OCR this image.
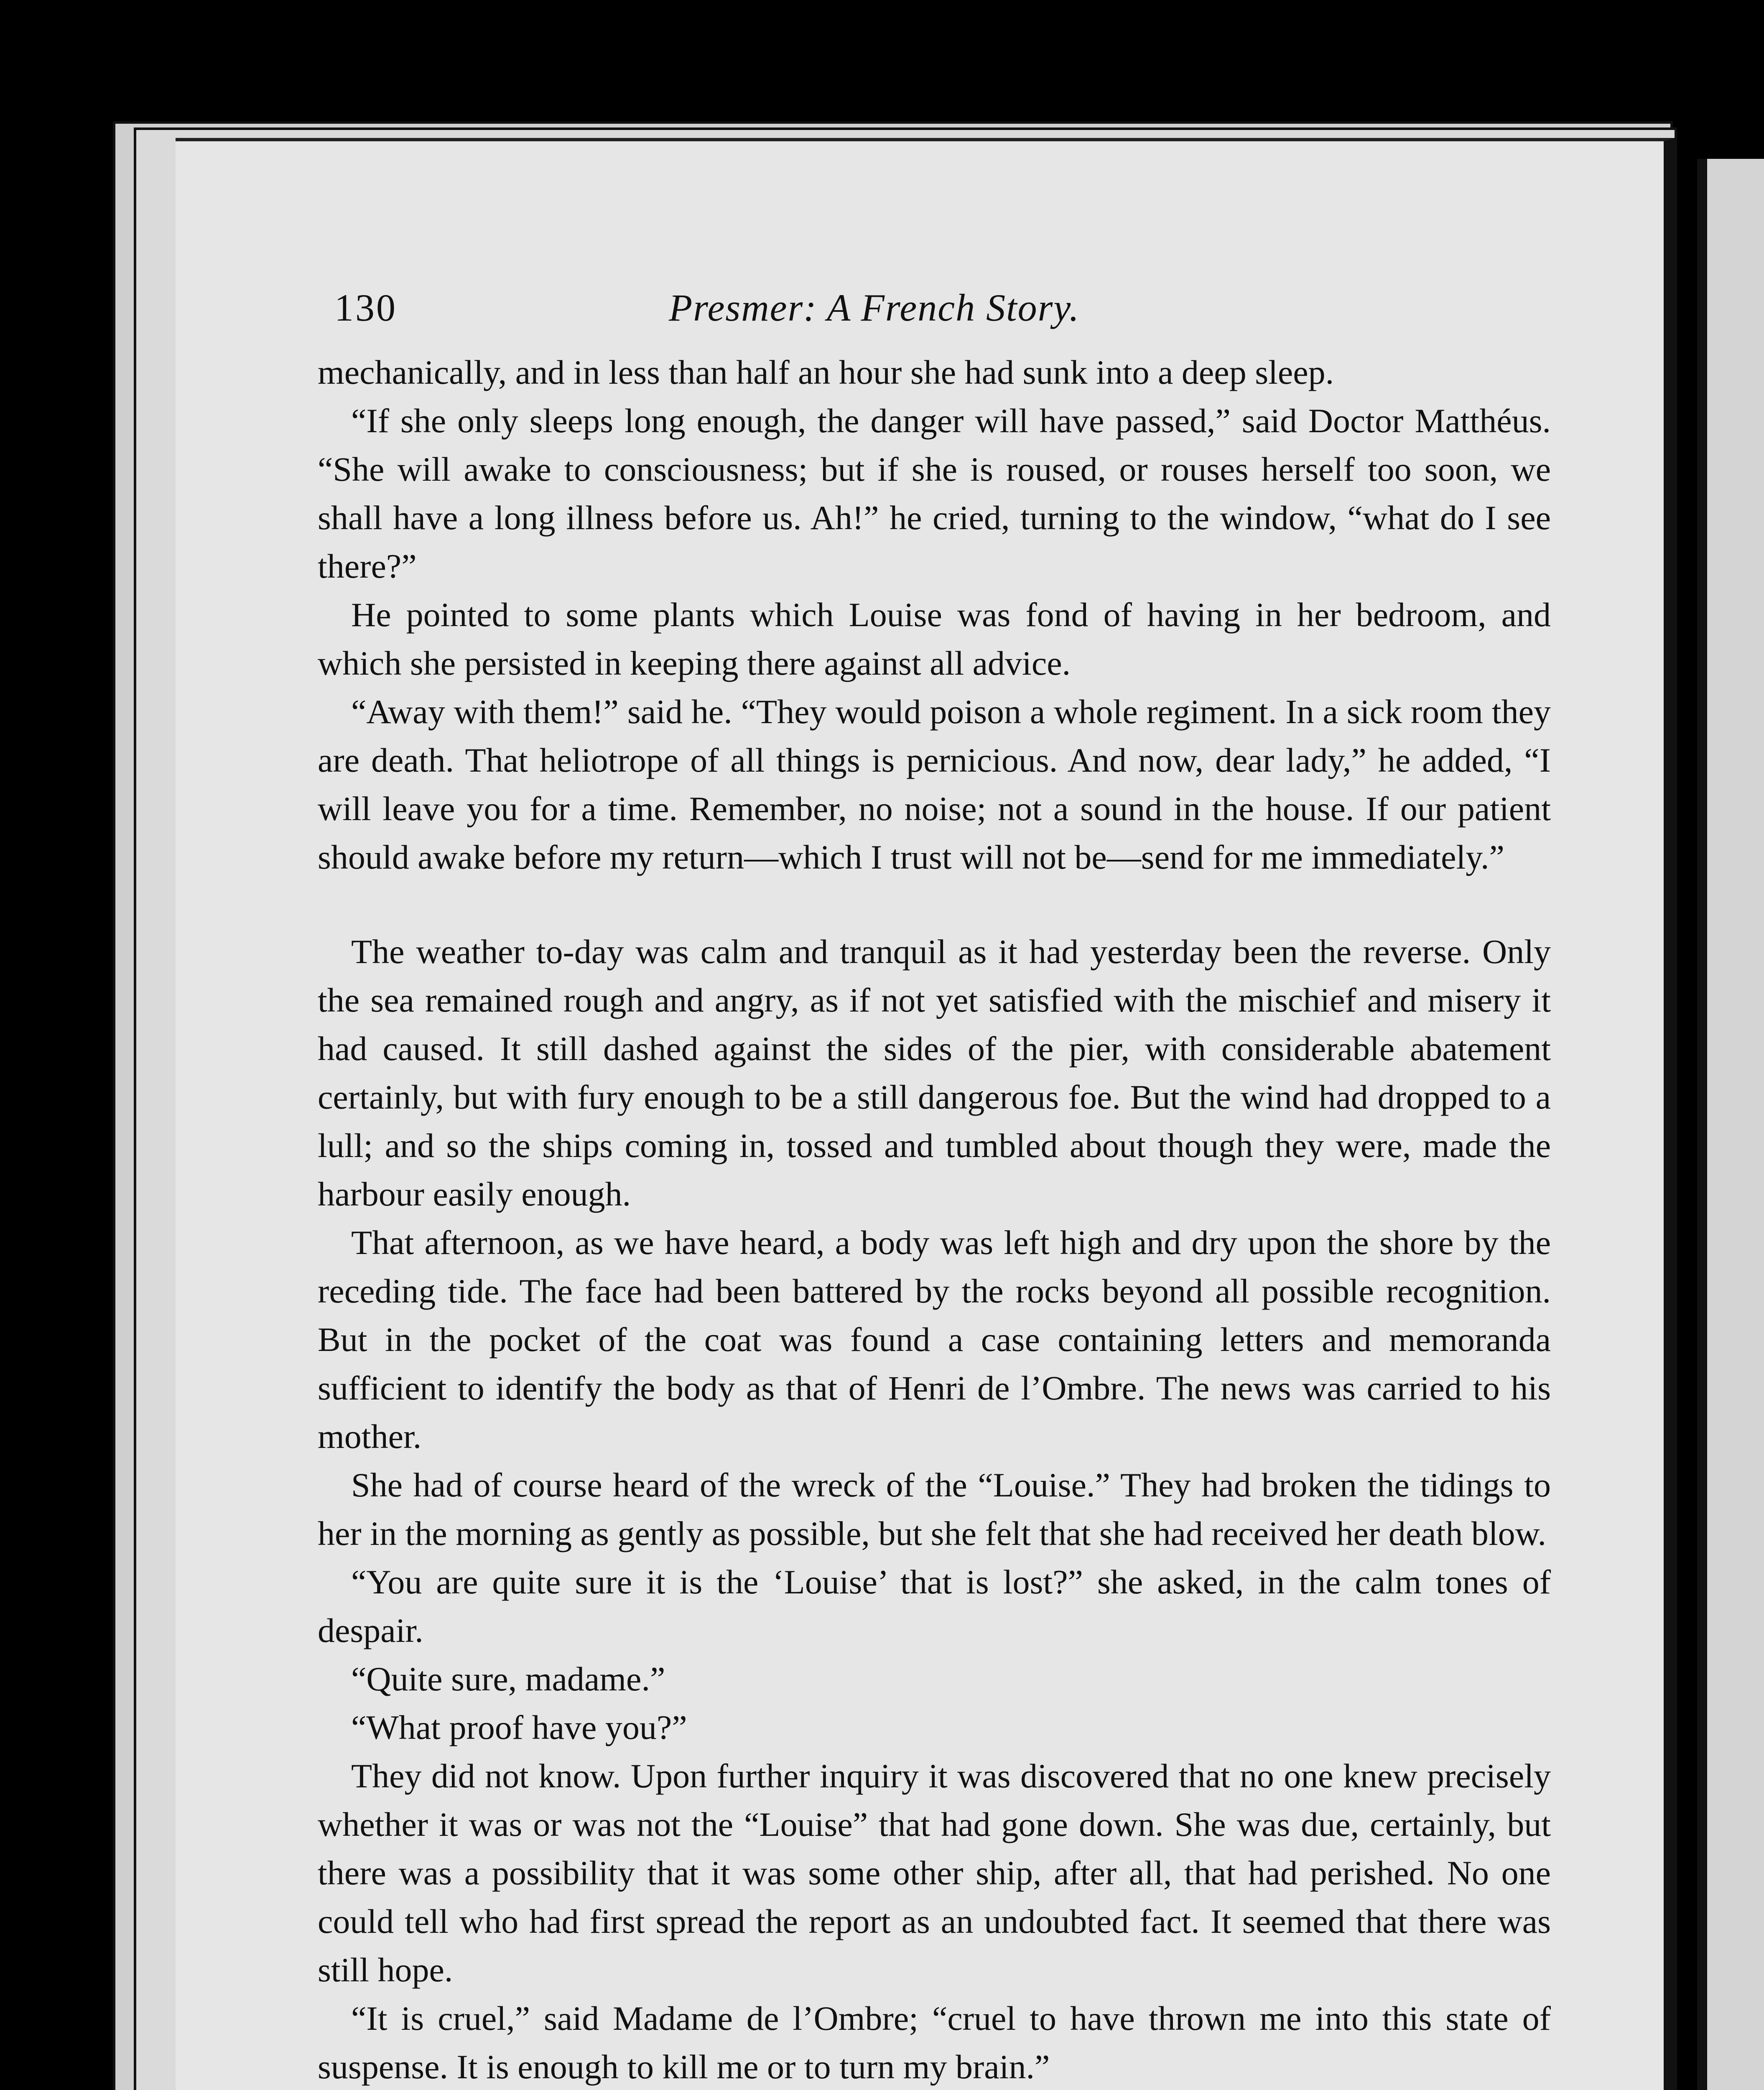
130	Presmer: A French Story.

mechanically, and in less than half an hour she had sunk into a deep sleep.

“If she only sleeps long enough, the danger will have passed,” said Doctor Matthéus. “She will awake to consciousness; but if she is roused, or rouses herself too soon, we shall have a long illness before us. Ah!” he cried, turning to the window, “what do I see there?”

He pointed to some plants which Louise was fond of having in her bedroom, and which she persisted in keeping there against all advice.

“Away with them!” said he. “They would poison a whole regiment. In a sick room they are death. That heliotrope of all things is pernicious. And now, dear lady,” he added, “I will leave you for a time. Remember, no noise; not a sound in the house. If our patient should awake before my return—which I trust will not be—send for me immediately.”

The weather to-day was calm and tranquil as it had yesterday been the reverse. Only the sea remained rough and angry, as if not yet satisfied with the mischief and misery it had caused. It still dashed against the sides of the pier, with considerable abatement certainly, but with fury enough to be a still dangerous foe. But the wind had dropped to a lull; and so the ships coming in, tossed and tumbled about though they were, made the harbour easily enough.

That afternoon, as we have heard, a body was left high and dry upon the shore by the receding tide. The face had been battered by the rocks beyond all possible recognition. But in the pocket of the coat was found a case containing letters and memoranda sufficient to identify the body as that of Henri de l’Ombre. The news was carried to his mother.

She had of course heard of the wreck of the “Louise.” They had broken the tidings to her in the morning as gently as possible, but she felt that she had received her death blow.

“You are quite sure it is the ‘Louise’ that is lost?” she asked, in the calm tones of despair.

“Quite sure, madame.”

“What proof have you?”

They did not know. Upon further inquiry it was discovered that no one knew precisely whether it was or was not the “Louise” that had gone down. She was due, certainly, but there was a possibility that it was some other ship, after all, that had perished. No one could tell who had first spread the report as an undoubted fact. It seemed that there was still hope.

“It is cruel,” said Madame de l’Ombre; “cruel to have thrown me into this state of suspense. It is enough to kill me or to turn my brain.”
